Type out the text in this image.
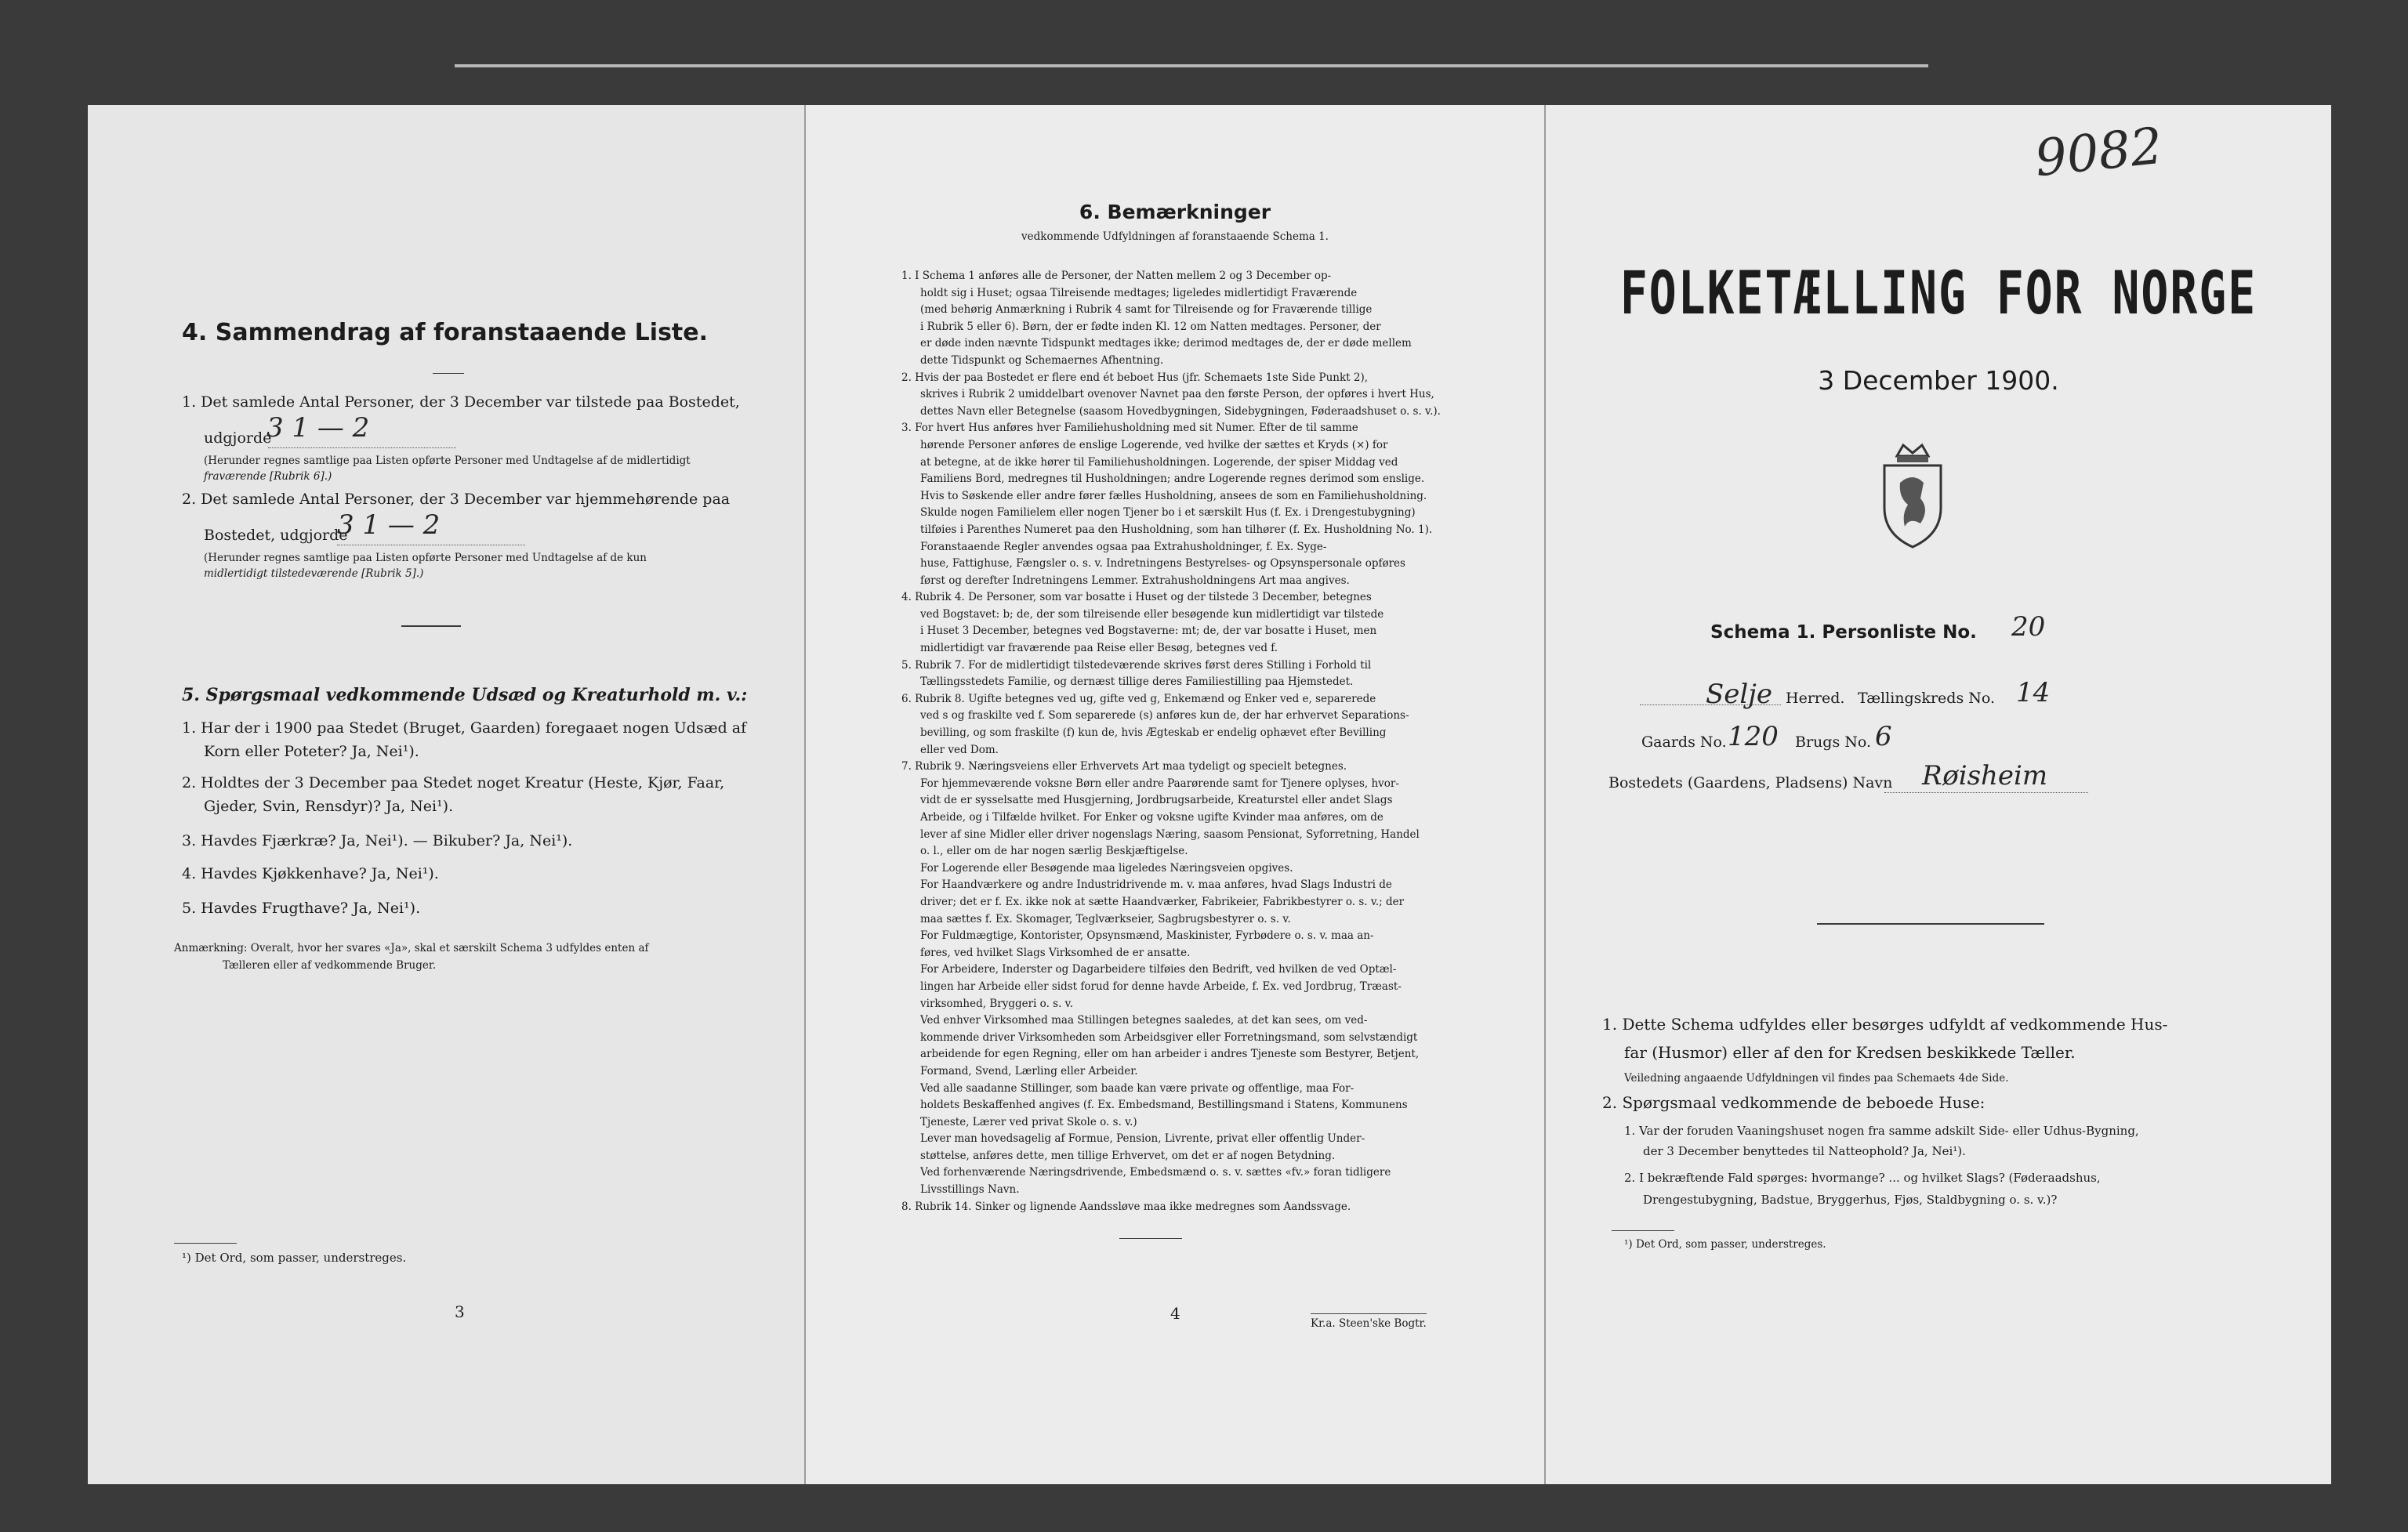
4. Sammendrag af foranstaaende Liste.
1. Det samlede Antal Personer, der 3 December var tilstede paa Bostedet,
udgjorde
3 1 — 2
(Herunder regnes samtlige paa Listen opførte Personer med Undtagelse af de midlertidigt
fraværende [Rubrik 6].)
2. Det samlede Antal Personer, der 3 December var hjemmehørende paa
Bostedet, udgjorde
3 1 — 2
(Herunder regnes samtlige paa Listen opførte Personer med Undtagelse af de kun
midlertidigt tilstedeværende [Rubrik 5].)
5. Spørgsmaal vedkommende Udsæd og Kreaturhold m. v.:
1. Har der i 1900 paa Stedet (Bruget, Gaarden) foregaaet nogen Udsæd af
Korn eller Poteter? Ja, Nei¹).
2. Holdtes der 3 December paa Stedet noget Kreatur (Heste, Kjør, Faar,
Gjeder, Svin, Rensdyr)? Ja, Nei¹).
3. Havdes Fjærkræ? Ja, Nei¹). — Bikuber? Ja, Nei¹).
4. Havdes Kjøkkenhave? Ja, Nei¹).
5. Havdes Frugthave? Ja, Nei¹).
Anmærkning: Overalt, hvor her svares «Ja», skal et særskilt Schema 3 udfyldes enten af
Tælleren eller af vedkommende Bruger.
¹) Det Ord, som passer, understreges.
3
6. Bemærkninger
vedkommende Udfyldningen af foranstaaende Schema 1.
1. I Schema 1 anføres alle de Personer, der Natten mellem 2 og 3 December op-
holdt sig i Huset; ogsaa Tilreisende medtages; ligeledes midlertidigt Fraværende
(med behørig Anmærkning i Rubrik 4 samt for Tilreisende og for Fraværende tillige
i Rubrik 5 eller 6). Børn, der er fødte inden Kl. 12 om Natten medtages. Personer, der
er døde inden nævnte Tidspunkt medtages ikke; derimod medtages de, der er døde mellem
dette Tidspunkt og Schemaernes Afhentning.
2. Hvis der paa Bostedet er flere end ét beboet Hus (jfr. Schemaets 1ste Side Punkt 2),
skrives i Rubrik 2 umiddelbart ovenover Navnet paa den første Person, der opføres i hvert Hus,
dettes Navn eller Betegnelse (saasom Hovedbygningen, Sidebygningen, Føderaadshuset o. s. v.).
3. For hvert Hus anføres hver Familiehusholdning med sit Numer. Efter de til samme
hørende Personer anføres de enslige Logerende, ved hvilke der sættes et Kryds (×) for
at betegne, at de ikke hører til Familiehusholdningen. Logerende, der spiser Middag ved
Familiens Bord, medregnes til Husholdningen; andre Logerende regnes derimod som enslige.
Hvis to Søskende eller andre fører fælles Husholdning, ansees de som en Familiehusholdning.
Skulde nogen Familielem eller nogen Tjener bo i et særskilt Hus (f. Ex. i Drengestubygning)
tilføies i Parenthes Numeret paa den Husholdning, som han tilhører (f. Ex. Husholdning No. 1).
Foranstaaende Regler anvendes ogsaa paa Extrahusholdninger, f. Ex. Syge-
huse, Fattighuse, Fængsler o. s. v. Indretningens Bestyrelses- og Opsynspersonale opføres
først og derefter Indretningens Lemmer. Extrahusholdningens Art maa angives.
4. Rubrik 4. De Personer, som var bosatte i Huset og der tilstede 3 December, betegnes
ved Bogstavet: b; de, der som tilreisende eller besøgende kun midlertidigt var tilstede
i Huset 3 December, betegnes ved Bogstaverne: mt; de, der var bosatte i Huset, men
midlertidigt var fraværende paa Reise eller Besøg, betegnes ved f.
5. Rubrik 7. For de midlertidigt tilstedeværende skrives først deres Stilling i Forhold til
Tællingsstedets Familie, og dernæst tillige deres Familiestilling paa Hjemstedet.
6. Rubrik 8. Ugifte betegnes ved ug, gifte ved g, Enkemænd og Enker ved e, separerede
ved s og fraskilte ved f. Som separerede (s) anføres kun de, der har erhvervet Separations-
bevilling, og som fraskilte (f) kun de, hvis Ægteskab er endelig ophævet efter Bevilling
eller ved Dom.
7. Rubrik 9. Næringsveiens eller Erhvervets Art maa tydeligt og specielt betegnes.
For hjemmeværende voksne Børn eller andre Paarørende samt for Tjenere oplyses, hvor-
vidt de er sysselsatte med Husgjerning, Jordbrugsarbeide, Kreaturstel eller andet Slags
Arbeide, og i Tilfælde hvilket. For Enker og voksne ugifte Kvinder maa anføres, om de
lever af sine Midler eller driver nogenslags Næring, saasom Pensionat, Syforretning, Handel
o. l., eller om de har nogen særlig Beskjæftigelse.
For Logerende eller Besøgende maa ligeledes Næringsveien opgives.
For Haandværkere og andre Industridrivende m. v. maa anføres, hvad Slags Industri de
driver; det er f. Ex. ikke nok at sætte Haandværker, Fabrikeier, Fabrikbestyrer o. s. v.; der
maa sættes f. Ex. Skomager, Teglværkseier, Sagbrugsbestyrer o. s. v.
For Fuldmægtige, Kontorister, Opsynsmænd, Maskinister, Fyrbødere o. s. v. maa an-
føres, ved hvilket Slags Virksomhed de er ansatte.
For Arbeidere, Inderster og Dagarbeidere tilføies den Bedrift, ved hvilken de ved Optæl-
lingen har Arbeide eller sidst forud for denne havde Arbeide, f. Ex. ved Jordbrug, Træast-
virksomhed, Bryggeri o. s. v.
Ved enhver Virksomhed maa Stillingen betegnes saaledes, at det kan sees, om ved-
kommende driver Virksomheden som Arbeidsgiver eller Forretningsmand, som selvstændigt
arbeidende for egen Regning, eller om han arbeider i andres Tjeneste som Bestyrer, Betjent,
Formand, Svend, Lærling eller Arbeider.
Ved alle saadanne Stillinger, som baade kan være private og offentlige, maa For-
holdets Beskaffenhed angives (f. Ex. Embedsmand, Bestillingsmand i Statens, Kommunens
Tjeneste, Lærer ved privat Skole o. s. v.)
Lever man hovedsagelig af Formue, Pension, Livrente, privat eller offentlig Under-
støttelse, anføres dette, men tillige Erhvervet, om det er af nogen Betydning.
Ved forhenværende Næringsdrivende, Embedsmænd o. s. v. sættes «fv.» foran tidligere
Livsstillings Navn.
8. Rubrik 14. Sinker og lignende Aandssløve maa ikke medregnes som Aandssvage.
4
Kr.a. Steen'ske Bogtr.
9082
FOLKETÆLLING FOR NORGE
3 December 1900.
Schema 1. Personliste No. 20
Selje Herred. Tællingskreds No. 14
Gaards No. 120 Brugs No. 6
Bostedets (Gaardens, Pladsens) Navn Røisheim
1. Dette Schema udfyldes eller besørges udfyldt af vedkommende Hus-
far (Husmor) eller af den for Kredsen beskikkede Tæller.
Veiledning angaaende Udfyldningen vil findes paa Schemaets 4de Side.
2. Spørgsmaal vedkommende de beboede Huse:
1. Var der foruden Vaaningshuset nogen fra samme adskilt Side- eller Udhus-Bygning,
der 3 December benyttedes til Natteophold? Ja, Nei¹).
2. I bekræftende Fald spørges: hvormange? ... og hvilket Slags? (Føderaadshus,
Drengestubygning, Badstue, Bryggerhus, Fjøs, Staldbygning o. s. v.)?
¹) Det Ord, som passer, understreges.
